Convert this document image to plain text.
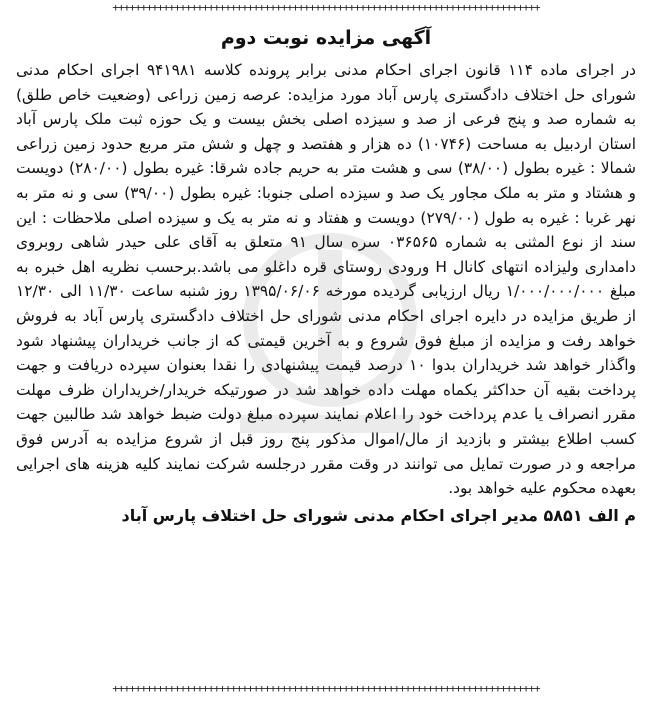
++++++++++++++++++++++++++++++++++++++++++++++++++++++++++++++++++++++++++++
آگهی مزایده نوبت دوم

در اجرای ماده ۱۱۴ قانون اجرای احکام مدنی برابر پرونده کلاسه ۹۴۱۹۸۱ اجرای احکام مدنی شورای حل اختلاف دادگستری پارس آباد مورد مزایده: عرصه زمین زراعی (وضعیت خاص طلق) به شماره صد و پنج فرعی از صد و سیزده اصلی بخش بیست و یک حوزه ثبت ملک پارس آباد استان اردبیل به مساحت (۱۰۷۴۶) ده هزار و هفتصد و چهل و شش متر مربع حدود زمین زراعی شمالا : غیره بطول (۳۸/۰۰) سی و هشت متر به حریم جاده شرقا: غیره بطول (۲۸۰/۰۰) دویست و هشتاد و متر به ملک مجاور یک صد و سیزده اصلی جنوبا: غیره بطول (۳۹/۰۰) سی و نه متر به نهر غربا : غیره به طول (۲۷۹/۰۰) دویست و هفتاد و نه متر به یک و سیزده اصلی ملاحظات : این سند از نوع المثنی به شماره ۰۳۶۵۶۵ سره سال ۹۱ متعلق به آقای علی حیدر شاهی روبروی دامداری ولیزاده انتهای کانال H ورودی روستای قره داغلو می باشد.برحسب نظریه اهل خبره به مبلغ ۱/۰۰۰/۰۰۰/۰۰۰ ریال ارزیابی گردیده مورخه ۱۳۹۵/۰۶/۰۶ روز شنبه ساعت ۱۱/۳۰ الی ۱۲/۳۰ از طریق مزایده در دایره اجرای احکام مدنی شورای حل اختلاف دادگستری پارس آباد به فروش خواهد رفت و مزایده از مبلغ فوق شروع و به آخرین قیمتی که از جانب خریداران پیشنهاد شود واگذار خواهد شد خریداران بدوا ۱۰ درصد قیمت پیشنهادی را نقدا بعنوان سپرده دریافت و جهت پرداخت بقیه آن حداکثر یکماه مهلت داده خواهد شد در صورتیکه خریدار/خریداران ظرف مهلت مقرر انصراف یا عدم پرداخت خود را اعلام نمایند سپرده مبلغ دولت ضبط خواهد شد طالبین جهت کسب اطلاع بیشتر و بازدید از مال/اموال مذکور پنج روز قبل از شروع مزایده به آدرس فوق مراجعه و در صورت تمایل می توانند در وقت مقرر درجلسه شرکت نمایند کلیه هزینه های اجرایی بعهده محکوم علیه خواهد بود.

م الف ۵۸۵۱ مدیر اجرای احکام مدنی شورای حل اختلاف پارس آباد
++++++++++++++++++++++++++++++++++++++++++++++++++++++++++++++++++++++++++++
